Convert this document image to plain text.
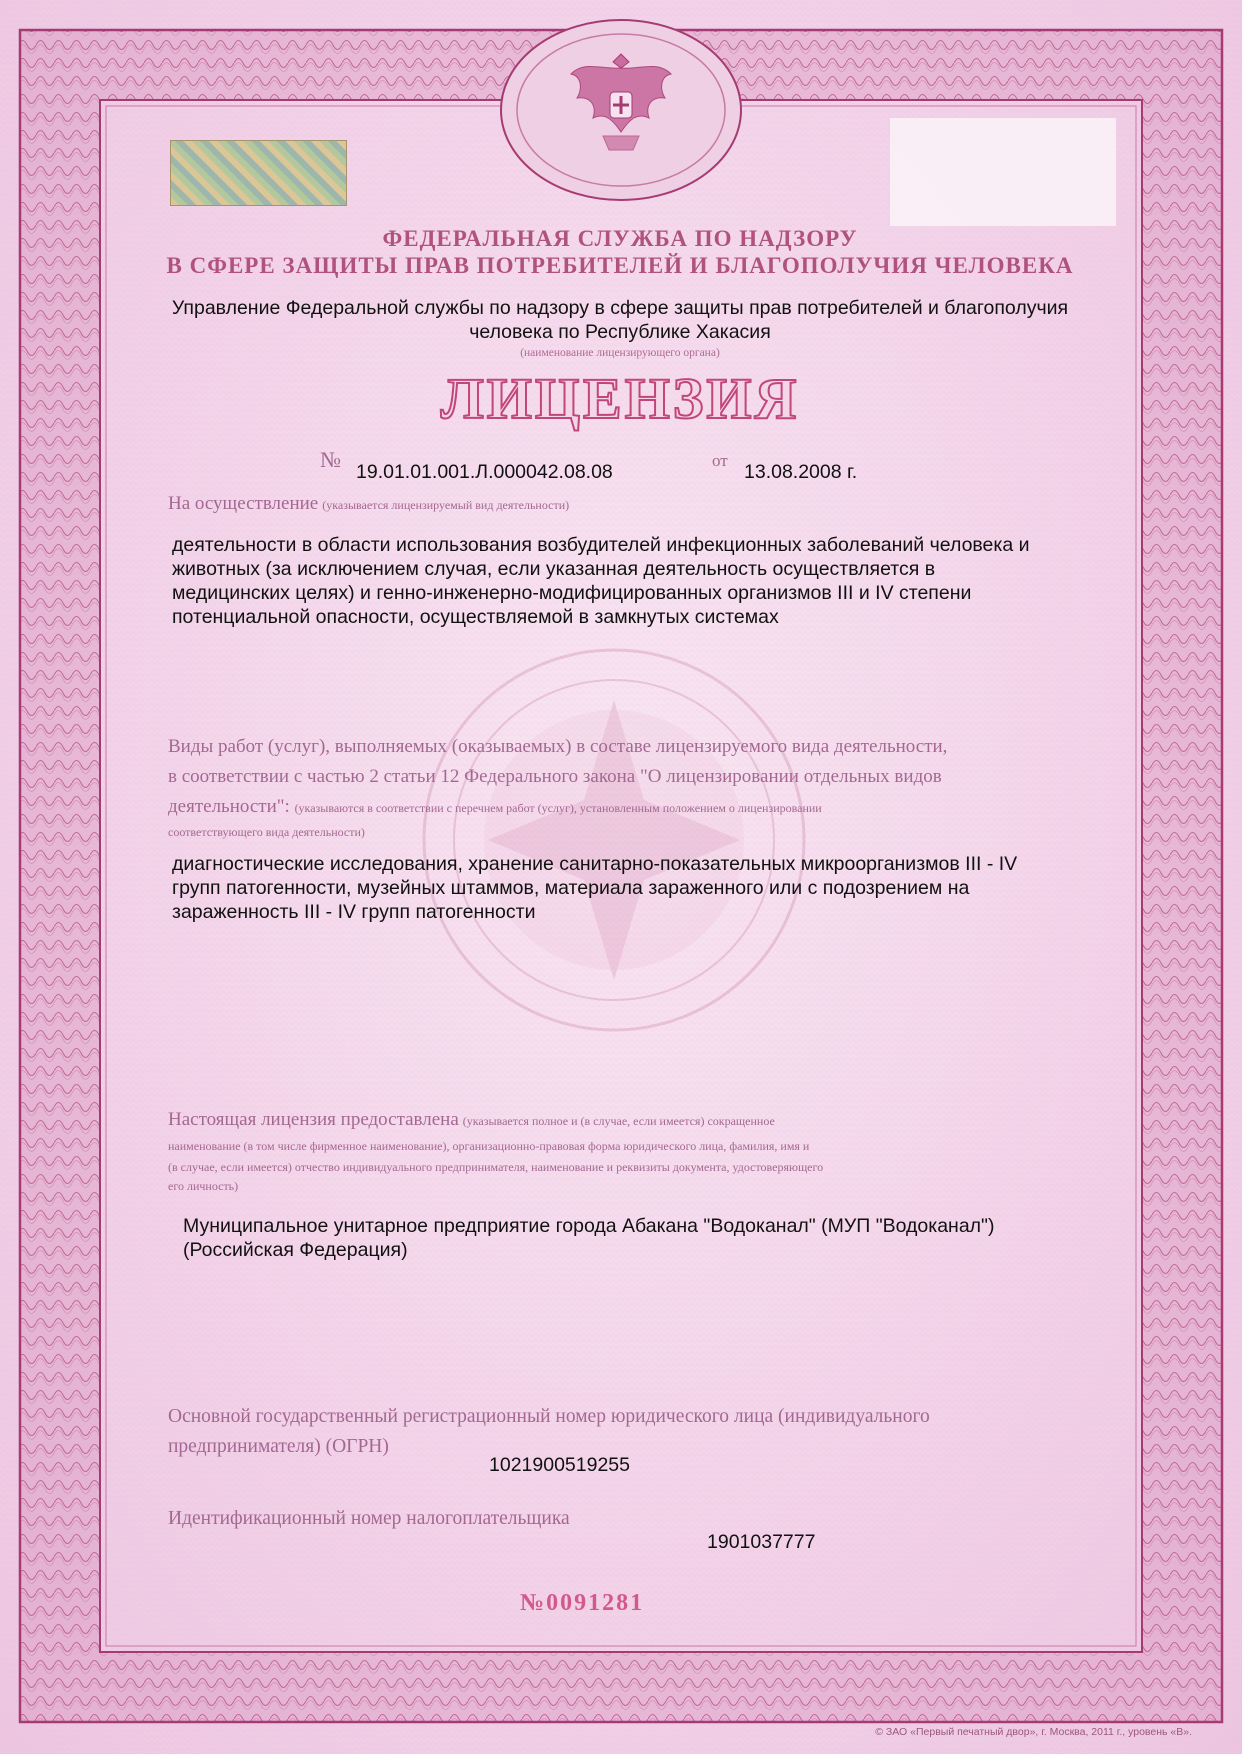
ФЕДЕРАЛЬНАЯ СЛУЖБА ПО НАДЗОРУ
В СФЕРЕ ЗАЩИТЫ ПРАВ ПОТРЕБИТЕЛЕЙ И БЛАГОПОЛУЧИЯ ЧЕЛОВЕКА
Управление Федеральной службы по надзору в сфере защиты прав потребителей и благополучия
человека по Республике Хакасия
(наименование лицензирующего органа)
ЛИЦЕНЗИЯ
№ 19.01.01.001.Л.000042.08.08
от
13.08.2008 г.
На осуществление (указывается лицензируемый вид деятельности)
деятельности в области использования возбудителей инфекционных заболеваний человека и
животных (за исключением случая, если указанная деятельность осуществляется в
медицинских целях) и генно-инженерно-модифицированных организмов III и IV степени
потенциальной опасности, осуществляемой в замкнутых системах
Виды работ (услуг), выполняемых (оказываемых) в составе лицензируемого вида деятельности,
в соответствии с частью 2 статьи 12 Федерального закона "О лицензировании отдельных видов
деятельности": (указываются в соответствии с перечнем работ (услуг), установленным положением о лицензировании
соответствующего вида деятельности)
диагностические исследования, хранение санитарно-показательных микроорганизмов III - IV
групп патогенности, музейных штаммов, материала зараженного или с подозрением на
зараженность III - IV групп патогенности
Настоящая лицензия предоставлена (указывается полное и (в случае, если имеется) сокращенное
наименование (в том числе фирменное наименование), организационно-правовая форма юридического лица, фамилия, имя и
(в случае, если имеется) отчество индивидуального предпринимателя, наименование и реквизиты документа, удостоверяющего
его личность)
Муниципальное унитарное предприятие города Абакана "Водоканал" (МУП "Водоканал")
(Российская Федерация)
Основной государственный регистрационный номер юридического лица (индивидуального
предпринимателя) (ОГРН)
1021900519255
Идентификационный номер налогоплательщика
1901037777
№0091281
© ЗАО «Первый печатный двор», г. Москва, 2011 г., уровень «В».
